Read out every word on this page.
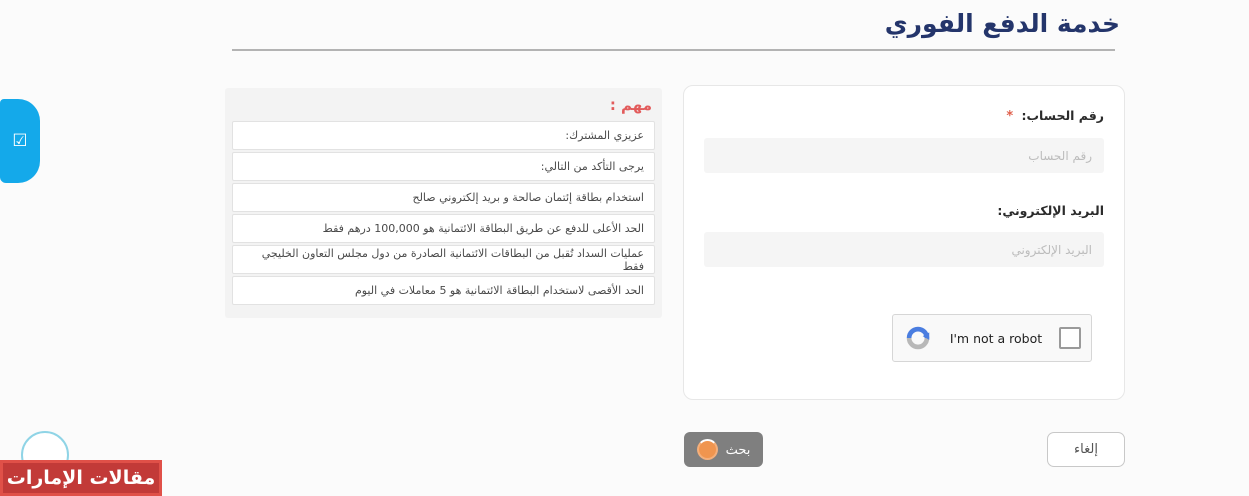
خدمة الدفع الفوري
☑
مهم :
عزيزي المشترك:
يرجى التأكد من التالي:
استخدام بطاقة إئتمان صالحة و بريد إلكتروني صالح
الحد الأعلى للدفع عن طريق البطاقة الائتمانية هو 100,000 درهم فقط
عمليات السداد تُقبل من البطاقات الائتمانية الصادرة من دول مجلس التعاون الخليجي فقط
الحد الأقصى لاستخدام البطاقة الائتمانية هو 5 معاملات في اليوم
رقم الحساب: *
رقم الحساب
البريد الإلكتروني:
البريد الإلكتروني
I'm not a robot
بحث	إلغاء
مقالات الإمارات
